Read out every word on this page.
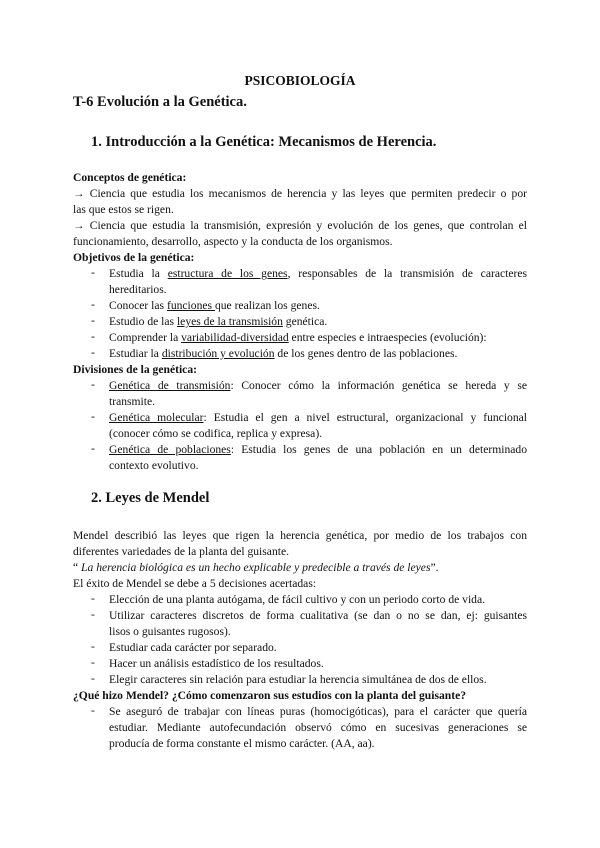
PSICOBIOLOGÍA
T-6 Evolución a la Genética.
1. Introducción a la Genética: Mecanismos de Herencia.
Conceptos de genética:
→ Ciencia que estudia los mecanismos de herencia y las leyes que permiten predecir o por
las que estos se rigen.
→ Ciencia que estudia la transmisión, expresión y evolución de los genes, que controlan el
funcionamiento, desarrollo, aspecto y la conducta de los organismos.
Objetivos de la genética:
- Estudia la estructura de los genes, responsables de la transmisión de caracteres
hereditarios.
- Conocer las funciones que realizan los genes.
- Estudio de las leyes de la transmisión genética.
- Comprender la variabilidad-diversidad entre especies e intraespecies (evolución):
- Estudiar la distribución y evolución de los genes dentro de las poblaciones.
Divisiones de la genética:
- Genética de transmisión: Conocer cómo la información genética se hereda y se
transmite.
- Genética molecular: Estudia el gen a nivel estructural, organizacional y funcional
(conocer cómo se codifica, replica y expresa).
- Genética de poblaciones: Estudia los genes de una población en un determinado
contexto evolutivo.
2. Leyes de Mendel
Mendel describió las leyes que rigen la herencia genética, por medio de los trabajos con
diferentes variedades de la planta del guisante.
“ La herencia biológica es un hecho explicable y predecible a través de leyes”.
El éxito de Mendel se debe a 5 decisiones acertadas:
- Elección de una planta autógama, de fácil cultivo y con un periodo corto de vida.
- Utilizar caracteres discretos de forma cualitativa (se dan o no se dan, ej: guisantes
lisos o guisantes rugosos).
- Estudiar cada carácter por separado.
- Hacer un análisis estadístico de los resultados.
- Elegir caracteres sin relación para estudiar la herencia simultánea de dos de ellos.
¿Qué hizo Mendel? ¿Cómo comenzaron sus estudios con la planta del guisante?
- Se aseguró de trabajar con líneas puras (homocigóticas), para el carácter que quería
estudiar. Mediante autofecundación observó cómo en sucesivas generaciones se
producía de forma constante el mismo carácter. (AA, aa).
